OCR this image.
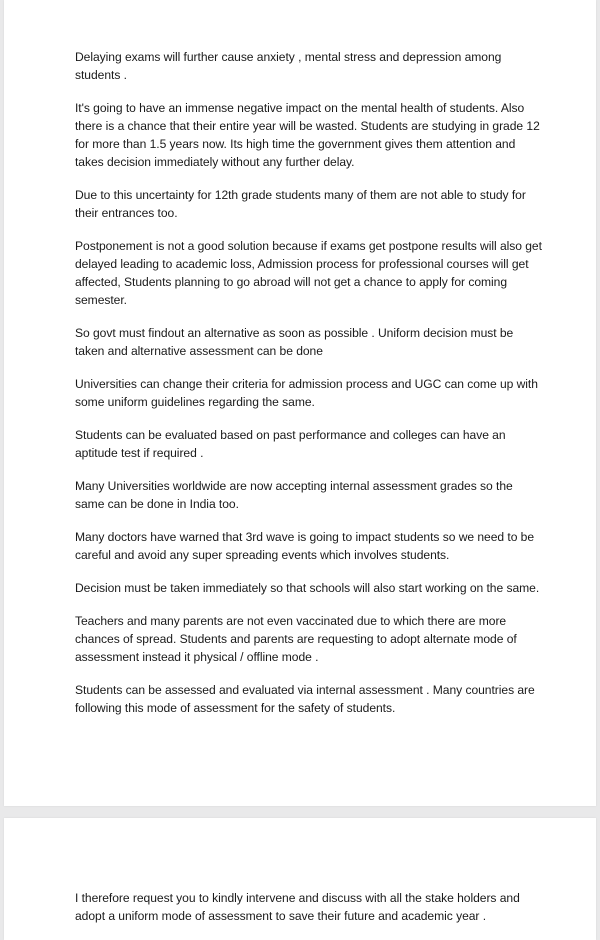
Delaying exams will further cause anxiety , mental stress and depression among students .

It's going to have an immense negative impact on the mental health of students. Also there is a chance that their entire year will be wasted. Students are studying in grade 12 for more than 1.5 years now. Its high time the government gives them attention and takes decision immediately without any further delay.

Due to this uncertainty for 12th grade students many of them are not able to study for their entrances too.

Postponement is not a good solution because if exams get postpone results will also get delayed leading to academic loss, Admission process for professional courses will get affected, Students planning to go abroad will not get a chance to apply for coming semester.

So govt must findout an alternative as soon as possible . Uniform decision must be taken and alternative assessment can be done

Universities can change their criteria for admission process and UGC can come up with some uniform guidelines regarding the same.

Students can be evaluated based on past performance and colleges can have an aptitude test if required .

Many Universities worldwide are now accepting internal assessment grades so the same can be done in India too.

Many doctors have warned that 3rd wave is going to impact students so we need to be careful and avoid any super spreading events which involves students.

Decision must be taken immediately so that schools will also start working on the same.

Teachers and many parents are not even vaccinated due to which there are more chances of spread. Students and parents are requesting to adopt alternate mode of assessment instead it physical / offline mode .

Students can be assessed and evaluated via internal assessment . Many countries are following this mode of assessment for the safety of students.

I therefore request you to kindly intervene and discuss with all the stake holders and adopt a uniform mode of assessment to save their future and academic year .
